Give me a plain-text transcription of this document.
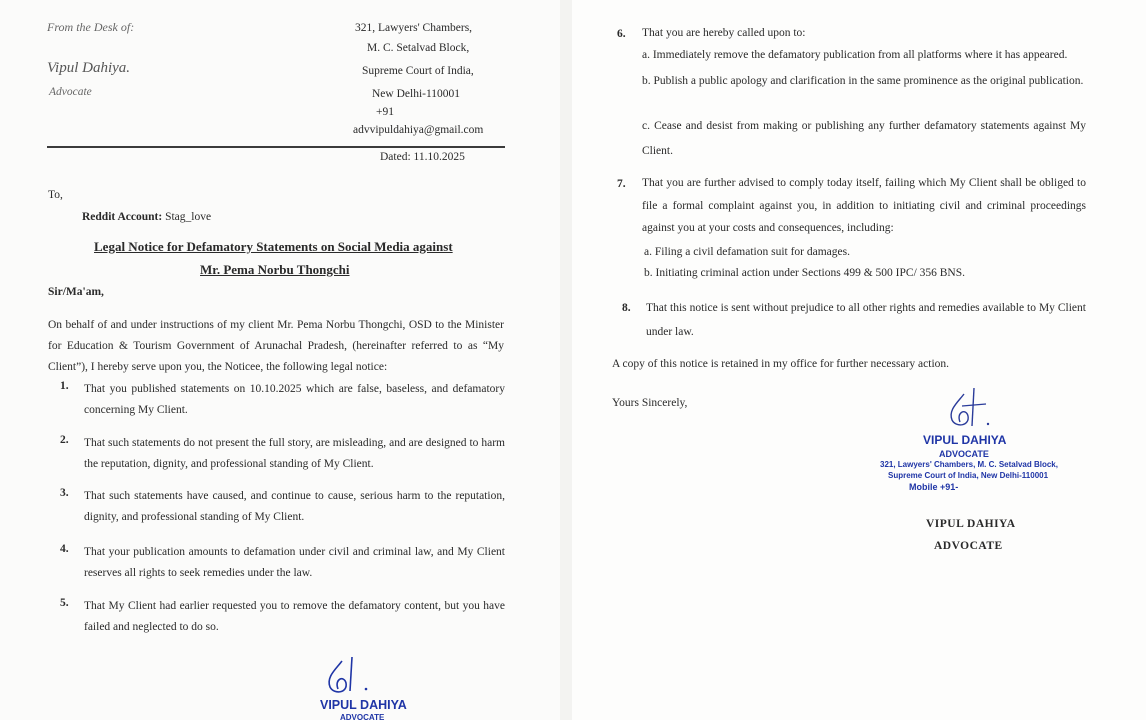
From the Desk of:
Vipul Dahiya.
Advocate
321, Lawyers' Chambers,
M. C. Setalvad Block,
Supreme Court of India,
New Delhi-110001
+91
advvipuldahiya@gmail.com
Dated: 11.10.2025
To,
Reddit Account: Stag_love
Legal Notice for Defamatory Statements on Social Media against
Mr. Pema Norbu Thongchi
Sir/Ma'am,
On behalf of and under instructions of my client Mr. Pema Norbu Thongchi, OSD to the Minister for Education & Tourism Government of Arunachal Pradesh, (hereinafter referred to as “My Client”), I hereby serve upon you, the Noticee, the following legal notice:
1. That you published statements on 10.10.2025 which are false, baseless, and defamatory concerning My Client.
2. That such statements do not present the full story, are misleading, and are designed to harm the reputation, dignity, and professional standing of My Client.
3. That such statements have caused, and continue to cause, serious harm to the reputation, dignity, and professional standing of My Client.
4. That your publication amounts to defamation under civil and criminal law, and My Client reserves all rights to seek remedies under the law.
5. That My Client had earlier requested you to remove the defamatory content, but you have failed and neglected to do so.
VIPUL DAHIYA
ADVOCATE
6. That you are hereby called upon to:
a. Immediately remove the defamatory publication from all platforms where it has appeared.
b. Publish a public apology and clarification in the same prominence as the original publication.
c. Cease and desist from making or publishing any further defamatory statements against My Client.
7. That you are further advised to comply today itself, failing which My Client shall be obliged to file a formal complaint against you, in addition to initiating civil and criminal proceedings against you at your costs and consequences, including:
a. Filing a civil defamation suit for damages.
b. Initiating criminal action under Sections 499 & 500 IPC/ 356 BNS.
8. That this notice is sent without prejudice to all other rights and remedies available to My Client under law.
A copy of this notice is retained in my office for further necessary action.
Yours Sincerely,
VIPUL DAHIYA
ADVOCATE
321, Lawyers' Chambers, M. C. Setalvad Block,
Supreme Court of India, New Delhi-110001
Mobile +91-
VIPUL DAHIYA
ADVOCATE
